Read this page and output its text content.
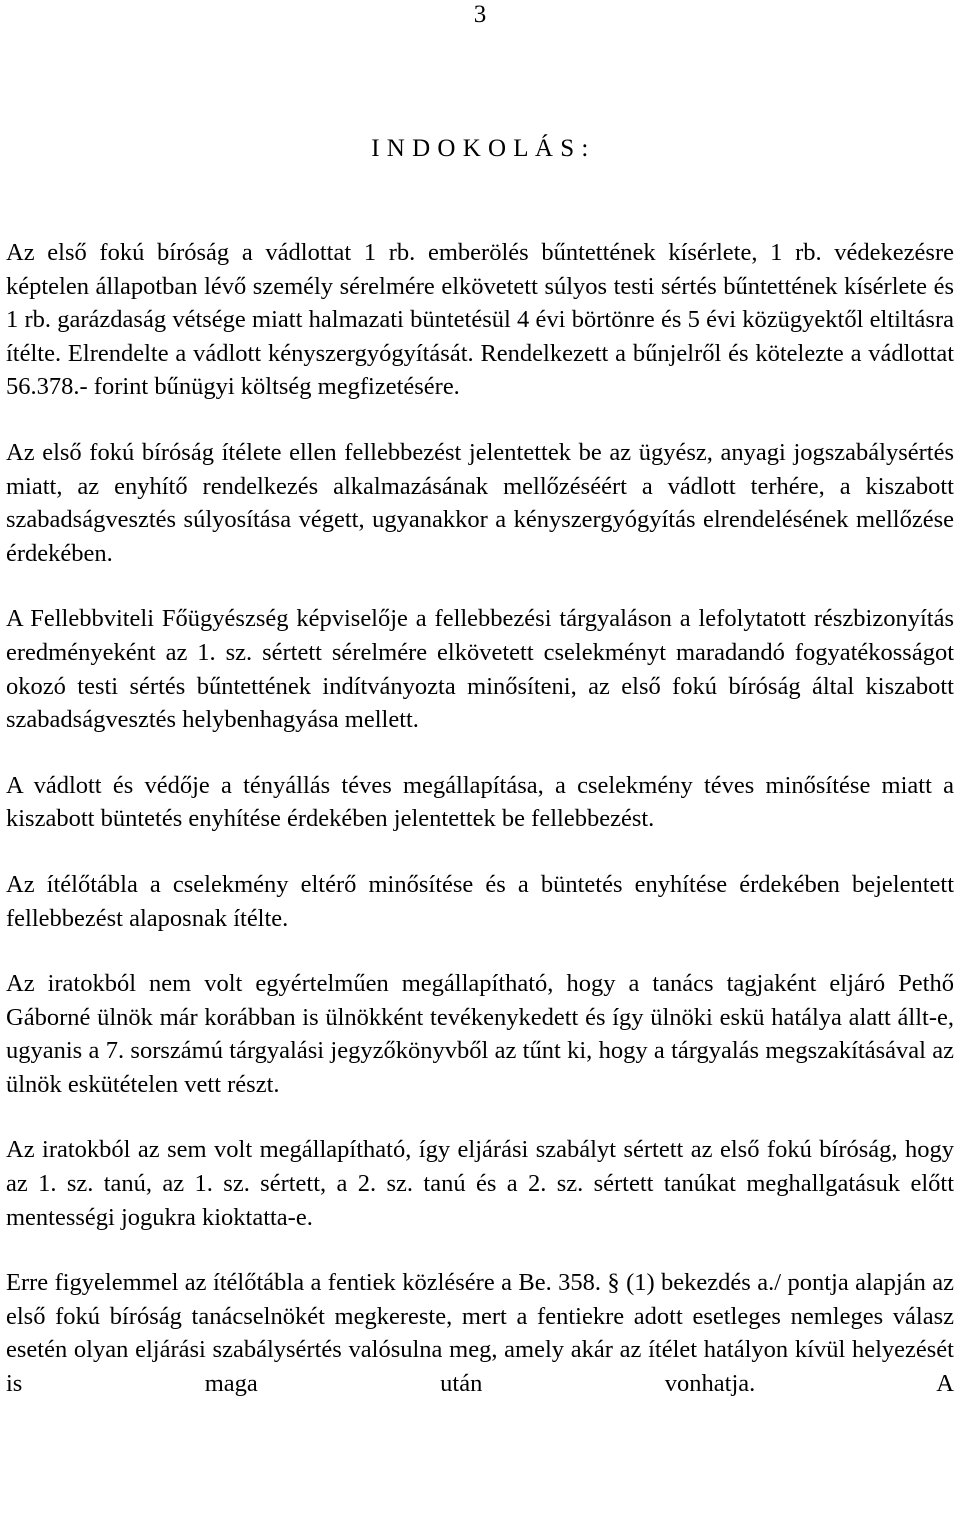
3
I N D O K O L Á S :

Az első fokú bíróság a vádlottat 1 rb. emberölés bűntettének kísérlete, 1 rb. védekezésre képtelen állapotban lévő személy sérelmére elkövetett súlyos testi sértés bűntettének kísérlete és 1 rb. garázdaság vétsége miatt halmazati büntetésül 4 évi börtönre és 5 évi közügyektől eltiltásra ítélte. Elrendelte a vádlott kényszergyógyítását. Rendelkezett a bűnjelről és kötelezte a vádlottat 56.378.- forint bűnügyi költség megfizetésére.

Az első fokú bíróság ítélete ellen fellebbezést jelentettek be az ügyész, anyagi jogszabálysértés miatt, az enyhítő rendelkezés alkalmazásának mellőzéséért a vádlott terhére, a kiszabott szabadságvesztés súlyosítása végett, ugyanakkor a kényszergyógyítás elrendelésének mellőzése érdekében.

A Fellebbviteli Főügyészség képviselője a fellebbezési tárgyaláson a lefolytatott részbizonyítás eredményeként az 1. sz. sértett sérelmére elkövetett cselekményt maradandó fogyatékosságot okozó testi sértés bűntettének indítványozta minősíteni, az első fokú bíróság által kiszabott szabadságvesztés helybenhagyása mellett.

A vádlott és védője a tényállás téves megállapítása, a cselekmény téves minősítése miatt a kiszabott büntetés enyhítése érdekében jelentettek be fellebbezést.

Az ítélőtábla a cselekmény eltérő minősítése és a büntetés enyhítése érdekében bejelentett fellebbezést alaposnak ítélte.

Az iratokból nem volt egyértelműen megállapítható, hogy a tanács tagjaként eljáró Pethő Gáborné ülnök már korábban is ülnökként tevékenykedett és így ülnöki eskü hatálya alatt állt-e, ugyanis a 7. sorszámú tárgyalási jegyzőkönyvből az tűnt ki, hogy a tárgyalás megszakításával az ülnök eskütételen vett részt.

Az iratokból az sem volt megállapítható, így eljárási szabályt sértett az első fokú bíróság, hogy az 1. sz. tanú, az 1. sz. sértett, a 2. sz. tanú és a 2. sz. sértett tanúkat meghallgatásuk előtt mentességi jogukra kioktatta-e.

Erre figyelemmel az ítélőtábla a fentiek közlésére a Be. 358. § (1) bekezdés a./ pontja alapján az első fokú bíróság tanácselnökét megkereste, mert a fentiekre adott esetleges nemleges válasz esetén olyan eljárási szabálysértés valósulna meg, amely akár az ítélet hatályon kívül helyezését is maga után vonhatja. A
